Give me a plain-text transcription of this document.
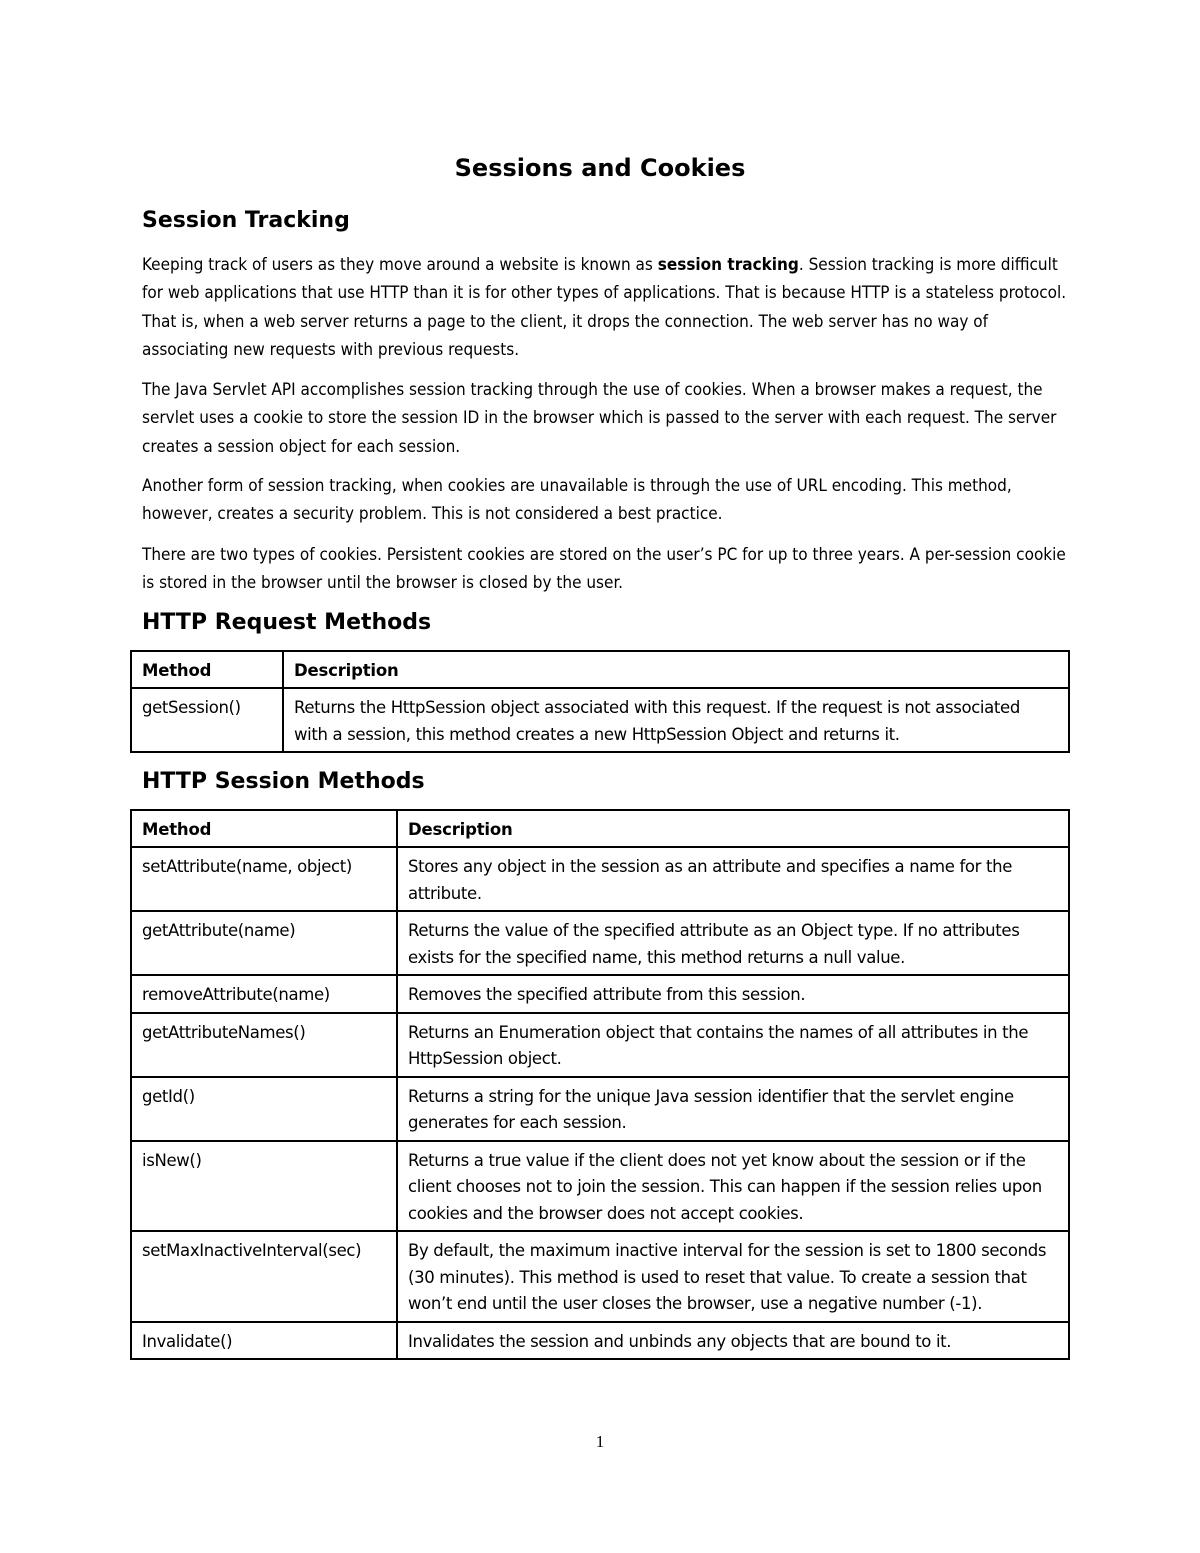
Sessions and Cookies
Session Tracking
Keeping track of users as they move around a website is known as session tracking. Session tracking is more difficult for web applications that use HTTP than it is for other types of applications. That is because HTTP is a stateless protocol. That is, when a web server returns a page to the client, it drops the connection. The web server has no way of associating new requests with previous requests.
The Java Servlet API accomplishes session tracking through the use of cookies. When a browser makes a request, the servlet uses a cookie to store the session ID in the browser which is passed to the server with each request. The server creates a session object for each session.
Another form of session tracking, when cookies are unavailable is through the use of URL encoding. This method, however, creates a security problem. This is not considered a best practice.
There are two types of cookies. Persistent cookies are stored on the user’s PC for up to three years. A per-session cookie is stored in the browser until the browser is closed by the user.
HTTP Request Methods
Method	Description
getSession()	Returns the HttpSession object associated with this request. If the request is not associated with a session, this method creates a new HttpSession Object and returns it.
HTTP Session Methods
Method	Description
setAttribute(name, object)	Stores any object in the session as an attribute and specifies a name for the attribute.
getAttribute(name)	Returns the value of the specified attribute as an Object type. If no attributes exists for the specified name, this method returns a null value.
removeAttribute(name)	Removes the specified attribute from this session.
getAttributeNames()	Returns an Enumeration object that contains the names of all attributes in the HttpSession object.
getId()	Returns a string for the unique Java session identifier that the servlet engine generates for each session.
isNew()	Returns a true value if the client does not yet know about the session or if the client chooses not to join the session. This can happen if the session relies upon cookies and the browser does not accept cookies.
setMaxInactiveInterval(sec)	By default, the maximum inactive interval for the session is set to 1800 seconds (30 minutes). This method is used to reset that value. To create a session that won’t end until the user closes the browser, use a negative number (-1).
Invalidate()	Invalidates the session and unbinds any objects that are bound to it.
1
